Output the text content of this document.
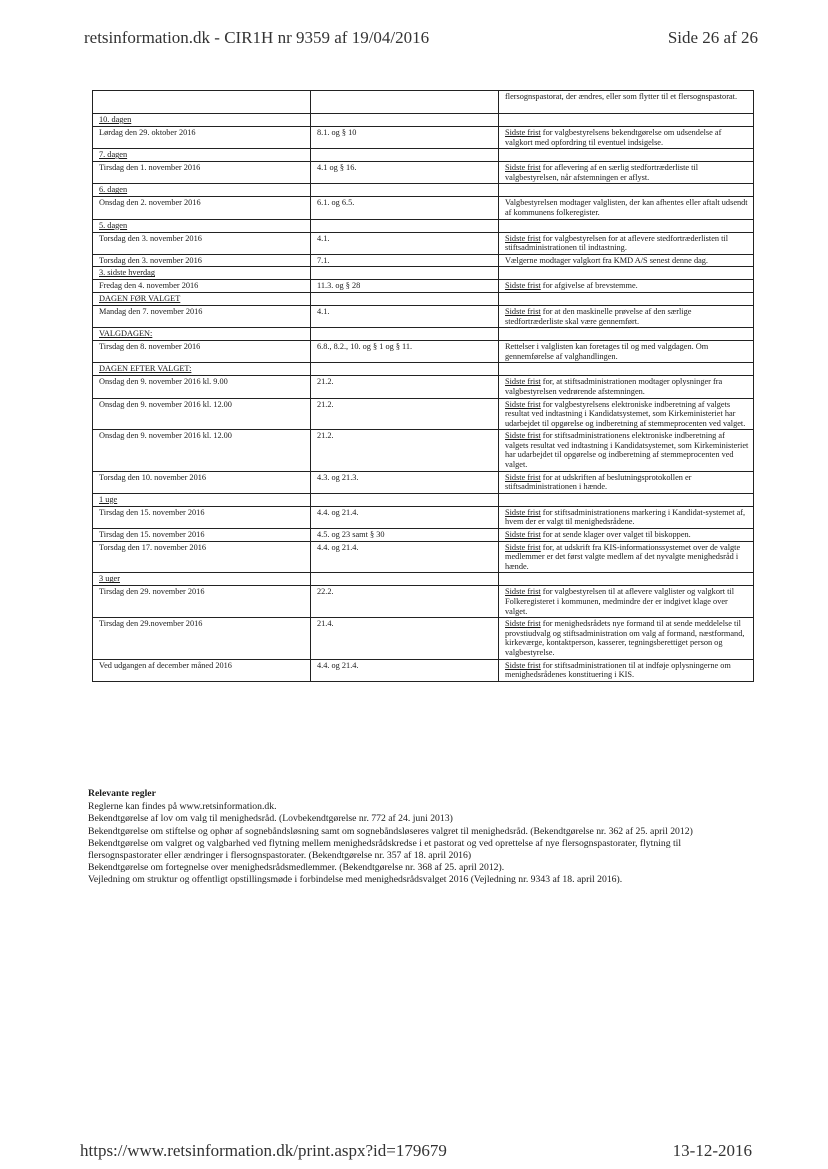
retsinformation.dk - CIR1H nr 9359 af 19/04/2016	Side 26 af 26
		flersognspastorat, der ændres, eller som flytter til et flersognspastorat.
10. dagen		
Lørdag den 29. oktober 2016	8.1. og § 10	Sidste frist for valgbestyrelsens bekendtgørelse om udsendelse af valgkort med opfordring til eventuel indsigelse.
7. dagen		
Tirsdag den 1. november 2016	4.1 og § 16.	Sidste frist for aflevering af en særlig stedfortræderliste til valgbestyrelsen, når afstemningen er aflyst.
6. dagen		
Onsdag den 2. november 2016	6.1. og 6.5.	Valgbestyrelsen modtager valglisten, der kan afhentes eller aftalt udsendt af kommunens folkeregister.
5. dagen		
Torsdag den 3. november 2016	4.1.	Sidste frist for valgbestyrelsen for at aflevere stedfortræderlisten til stiftsadministrationen til indtastning.
Torsdag den 3. november 2016	7.1.	Vælgerne modtager valgkort fra KMD A/S senest denne dag.
3. sidste hverdag		
Fredag den 4. november 2016	11.3. og § 28	Sidste frist for afgivelse af brevstemme.
DAGEN FØR VALGET		
Mandag den 7. november 2016	4.1.	Sidste frist for at den maskinelle prøvelse af den særlige stedfortræderliste skal være gennemført.
VALGDAGEN:		
Tirsdag den 8. november 2016	6.8., 8.2., 10. og § 1 og § 11.	Rettelser i valglisten kan foretages til og med valgdagen. Om gennemførelse af valghandlingen.
DAGEN EFTER VALGET:		
Onsdag den 9. november 2016 kl. 9.00	21.2.	Sidste frist for, at stiftsadministrationen modtager oplysninger fra valgbestyrelsen vedrørende afstemningen.
Onsdag den 9. november 2016 kl. 12.00	21.2.	Sidste frist for valgbestyrelsens elektroniske indberetning af valgets resultat ved indtastning i Kandidatsystemet, som Kirkeministeriet har udarbejdet til opgørelse og indberetning af stemmeprocenten ved valget.
Onsdag den 9. november 2016 kl. 12.00	21.2.	Sidste frist for stiftsadministrationens elektroniske indberetning af valgets resultat ved indtastning i Kandidatsystemet, som Kirkeministeriet har udarbejdet til opgørelse og indberetning af stemmeprocenten ved valget.
Torsdag den 10. november 2016	4.3. og 21.3.	Sidste frist for at udskriften af beslutningsprotokollen er stiftsadministrationen i hænde.
1 uge		
Tirsdag den 15. november 2016	4.4. og 21.4.	Sidste frist for stiftsadministrationens markering i Kandidat-systemet af, hvem der er valgt til menighedsrådene.
Tirsdag den 15. november 2016	4.5. og 23 samt § 30	Sidste frist for at sende klager over valget til biskoppen.
Torsdag den 17. november 2016	4.4. og 21.4.	Sidste frist for, at udskrift fra KIS-informationssystemet over de valgte medlemmer er det først valgte medlem af det nyvalgte menighedsråd i hænde.
3 uger		
Tirsdag den 29. november 2016	22.2.	Sidste frist for valgbestyrelsen til at aflevere valglister og valgkort til Folkeregisteret i kommunen, medmindre der er indgivet klage over valget.
Tirsdag den 29.november 2016	21.4.	Sidste frist for menighedsrådets nye formand til at sende meddelelse til provstiudvalg og stiftsadministration om valg af formand, næstformand, kirkeværge, kontaktperson, kasserer, tegningsberettiget person og valgbestyrelse.
Ved udgangen af december måned 2016	4.4. og 21.4.	Sidste frist for stiftsadministrationen til at indføje oplysningerne om menighedsrådenes konstituering i KIS.
Relevante regler

Reglerne kan findes på www.retsinformation.dk.

Bekendtgørelse af lov om valg til menighedsråd. (Lovbekendtgørelse nr. 772 af 24. juni 2013)

Bekendtgørelse om stiftelse og ophør af sognebåndsløsning samt om sognebåndsløseres valgret til menighedsråd. (Bekendtgørelse nr. 362 af 25. april 2012)

Bekendtgørelse om valgret og valgbarhed ved flytning mellem menighedsrådskredse i et pastorat og ved oprettelse af nye flersognspastorater, flytning til flersognspastorater eller ændringer i flersognspastorater. (Bekendtgørelse nr. 357 af 18. april 2016)

Bekendtgørelse om fortegnelse over menighedsrådsmedlemmer. (Bekendtgørelse nr. 368 af 25. april 2012).

Vejledning om struktur og offentligt opstillingsmøde i forbindelse med menighedsrådsvalget 2016 (Vejledning nr. 9343 af 18. april 2016).

https://www.retsinformation.dk/print.aspx?id=179679	13-12-2016
